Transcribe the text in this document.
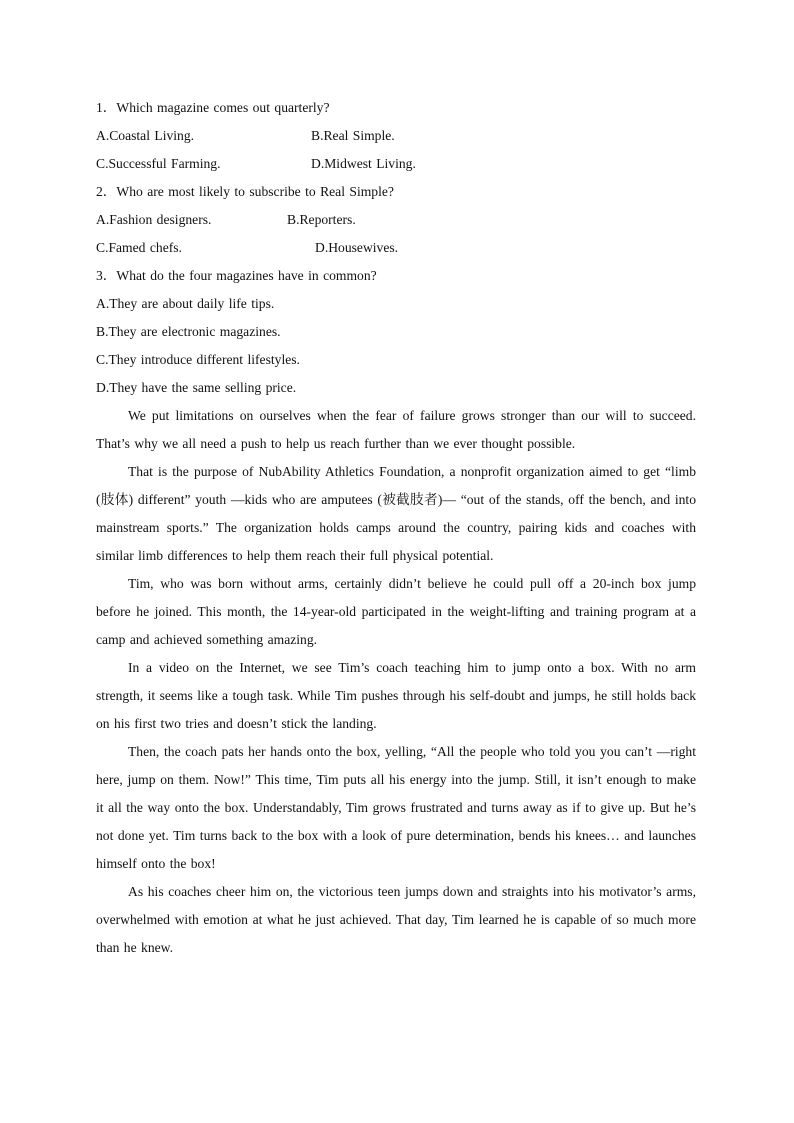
1．Which magazine comes out quarterly?
A.Coastal Living.	B.Real Simple.
C.Successful Farming.	D.Midwest Living.
2．Who are most likely to subscribe to Real Simple?
A.Fashion designers.	B.Reporters.
C.Famed chefs.	D.Housewives.
3．What do the four magazines have in common?
A.They are about daily life tips.
B.They are electronic magazines.
C.They introduce different lifestyles.
D.They have the same selling price.

We put limitations on ourselves when the fear of failure grows stronger than our will to succeed. That’s why we all need a push to help us reach further than we ever thought possible.

That is the purpose of NubAbility Athletics Foundation, a nonprofit organization aimed to get “limb (肢体) different” youth —kids who are amputees (被截肢者)— “out of the stands, off the bench, and into mainstream sports.” The organization holds camps around the country, pairing kids and coaches with similar limb differences to help them reach their full physical potential.

Tim, who was born without arms, certainly didn’t believe he could pull off a 20-inch box jump before he joined. This month, the 14-year-old participated in the weight-lifting and training program at a camp and achieved something amazing.

In a video on the Internet, we see Tim’s coach teaching him to jump onto a box. With no arm strength, it seems like a tough task. While Tim pushes through his self-doubt and jumps, he still holds back on his first two tries and doesn’t stick the landing.

Then, the coach pats her hands onto the box, yelling, “All the people who told you you can’t —right here, jump on them. Now!” This time, Tim puts all his energy into the jump. Still, it isn’t enough to make it all the way onto the box. Understandably, Tim grows frustrated and turns away as if to give up. But he’s not done yet. Tim turns back to the box with a look of pure determination, bends his knees… and launches himself onto the box!

As his coaches cheer him on, the victorious teen jumps down and straights into his motivator’s arms, overwhelmed with emotion at what he just achieved. That day, Tim learned he is capable of so much more than he knew.
